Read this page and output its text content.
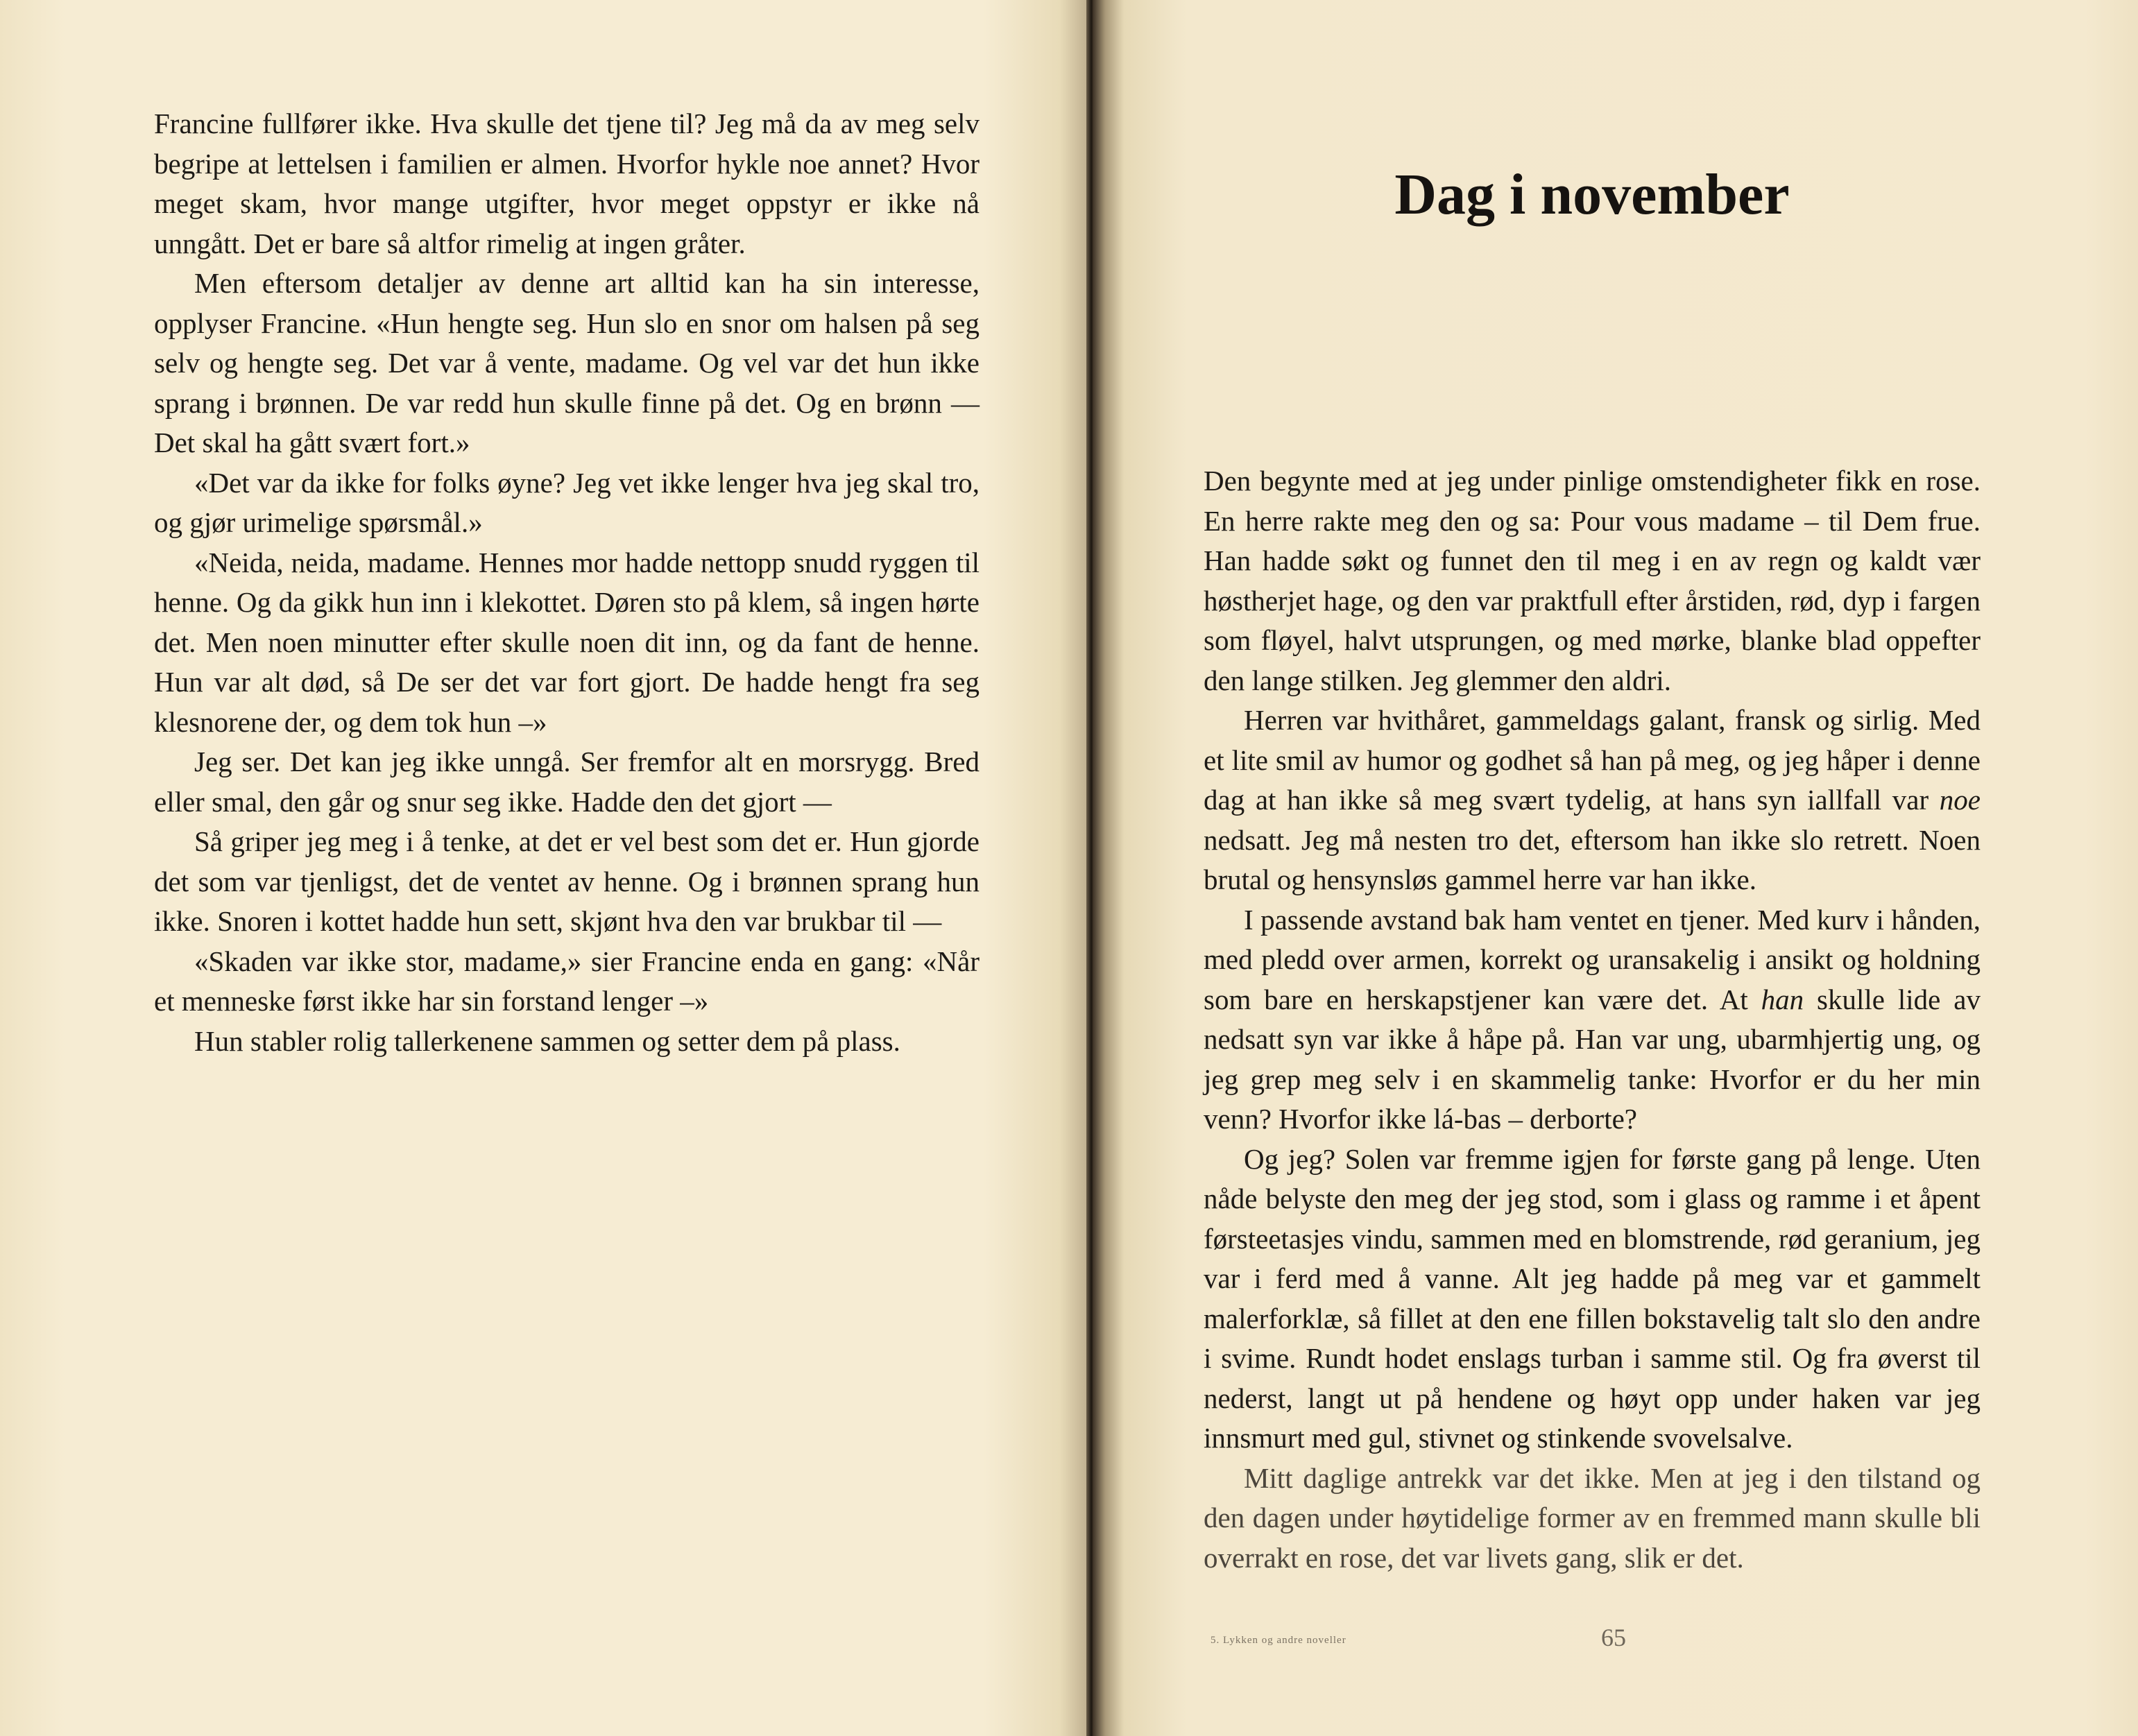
Francine fullfører ikke. Hva skulle det tjene til? Jeg må da av meg selv begripe at lettelsen i familien er almen. Hvorfor hykle noe annet? Hvor meget skam, hvor mange utgifter, hvor meget oppstyr er ikke nå unngått. Det er bare så altfor rimelig at ingen gråter.

Men eftersom detaljer av denne art alltid kan ha sin interesse, opplyser Francine. «Hun hengte seg. Hun slo en snor om halsen på seg selv og hengte seg. Det var å vente, madame. Og vel var det hun ikke sprang i brønnen. De var redd hun skulle finne på det. Og en brønn –– Det skal ha gått svært fort.»

«Det var da ikke for folks øyne? Jeg vet ikke lenger hva jeg skal tro, og gjør urimelige spørsmål.»

«Neida, neida, madame. Hennes mor hadde nettopp snudd ryggen til henne. Og da gikk hun inn i klekottet. Døren sto på klem, så ingen hørte det. Men noen minutter efter skulle noen dit inn, og da fant de henne. Hun var alt død, så De ser det var fort gjort. De hadde hengt fra seg klesnorene der, og dem tok hun –»

Jeg ser. Det kan jeg ikke unngå. Ser fremfor alt en morsrygg. Bred eller smal, den går og snur seg ikke. Hadde den det gjort ––

Så griper jeg meg i å tenke, at det er vel best som det er. Hun gjorde det som var tjenligst, det de ventet av henne. Og i brønnen sprang hun ikke. Snoren i kottet hadde hun sett, skjønt hva den var brukbar til ––

«Skaden var ikke stor, madame,» sier Francine enda en gang: «Når et menneske først ikke har sin forstand lenger –»

Hun stabler rolig tallerkenene sammen og setter dem på plass.

Dag i november

Den begynte med at jeg under pinlige omstendigheter fikk en rose. En herre rakte meg den og sa: Pour vous madame – til Dem frue. Han hadde søkt og funnet den til meg i en av regn og kaldt vær høstherjet hage, og den var praktfull efter årstiden, rød, dyp i fargen som fløyel, halvt utsprungen, og med mørke, blanke blad oppefter den lange stilken. Jeg glemmer den aldri.

Herren var hvithåret, gammeldags galant, fransk og sirlig. Med et lite smil av humor og godhet så han på meg, og jeg håper i denne dag at han ikke så meg svært tydelig, at hans syn iallfall var noe nedsatt. Jeg må nesten tro det, eftersom han ikke slo retrett. Noen brutal og hensynsløs gammel herre var han ikke.

I passende avstand bak ham ventet en tjener. Med kurv i hånden, med pledd over armen, korrekt og uransakelig i ansikt og holdning som bare en herskapstjener kan være det. At han skulle lide av nedsatt syn var ikke å håpe på. Han var ung, ubarmhjertig ung, og jeg grep meg selv i en skammelig tanke: Hvorfor er du her min venn? Hvorfor ikke lá-bas – derborte?

Og jeg? Solen var fremme igjen for første gang på lenge. Uten nåde belyste den meg der jeg stod, som i glass og ramme i et åpent førsteetasjes vindu, sammen med en blomstrende, rød geranium, jeg var i ferd med å vanne. Alt jeg hadde på meg var et gammelt malerforklæ, så fillet at den ene fillen bokstavelig talt slo den andre i svime. Rundt hodet enslags turban i samme stil. Og fra øverst til nederst, langt ut på hendene og høyt opp under haken var jeg innsmurt med gul, stivnet og stinkende svovelsalve.

Mitt daglige antrekk var det ikke. Men at jeg i den tilstand og den dagen under høytidelige former av en fremmed mann skulle bli overrakt en rose, det var livets gang, slik er det.

5. Lykken og andre noveller	65
